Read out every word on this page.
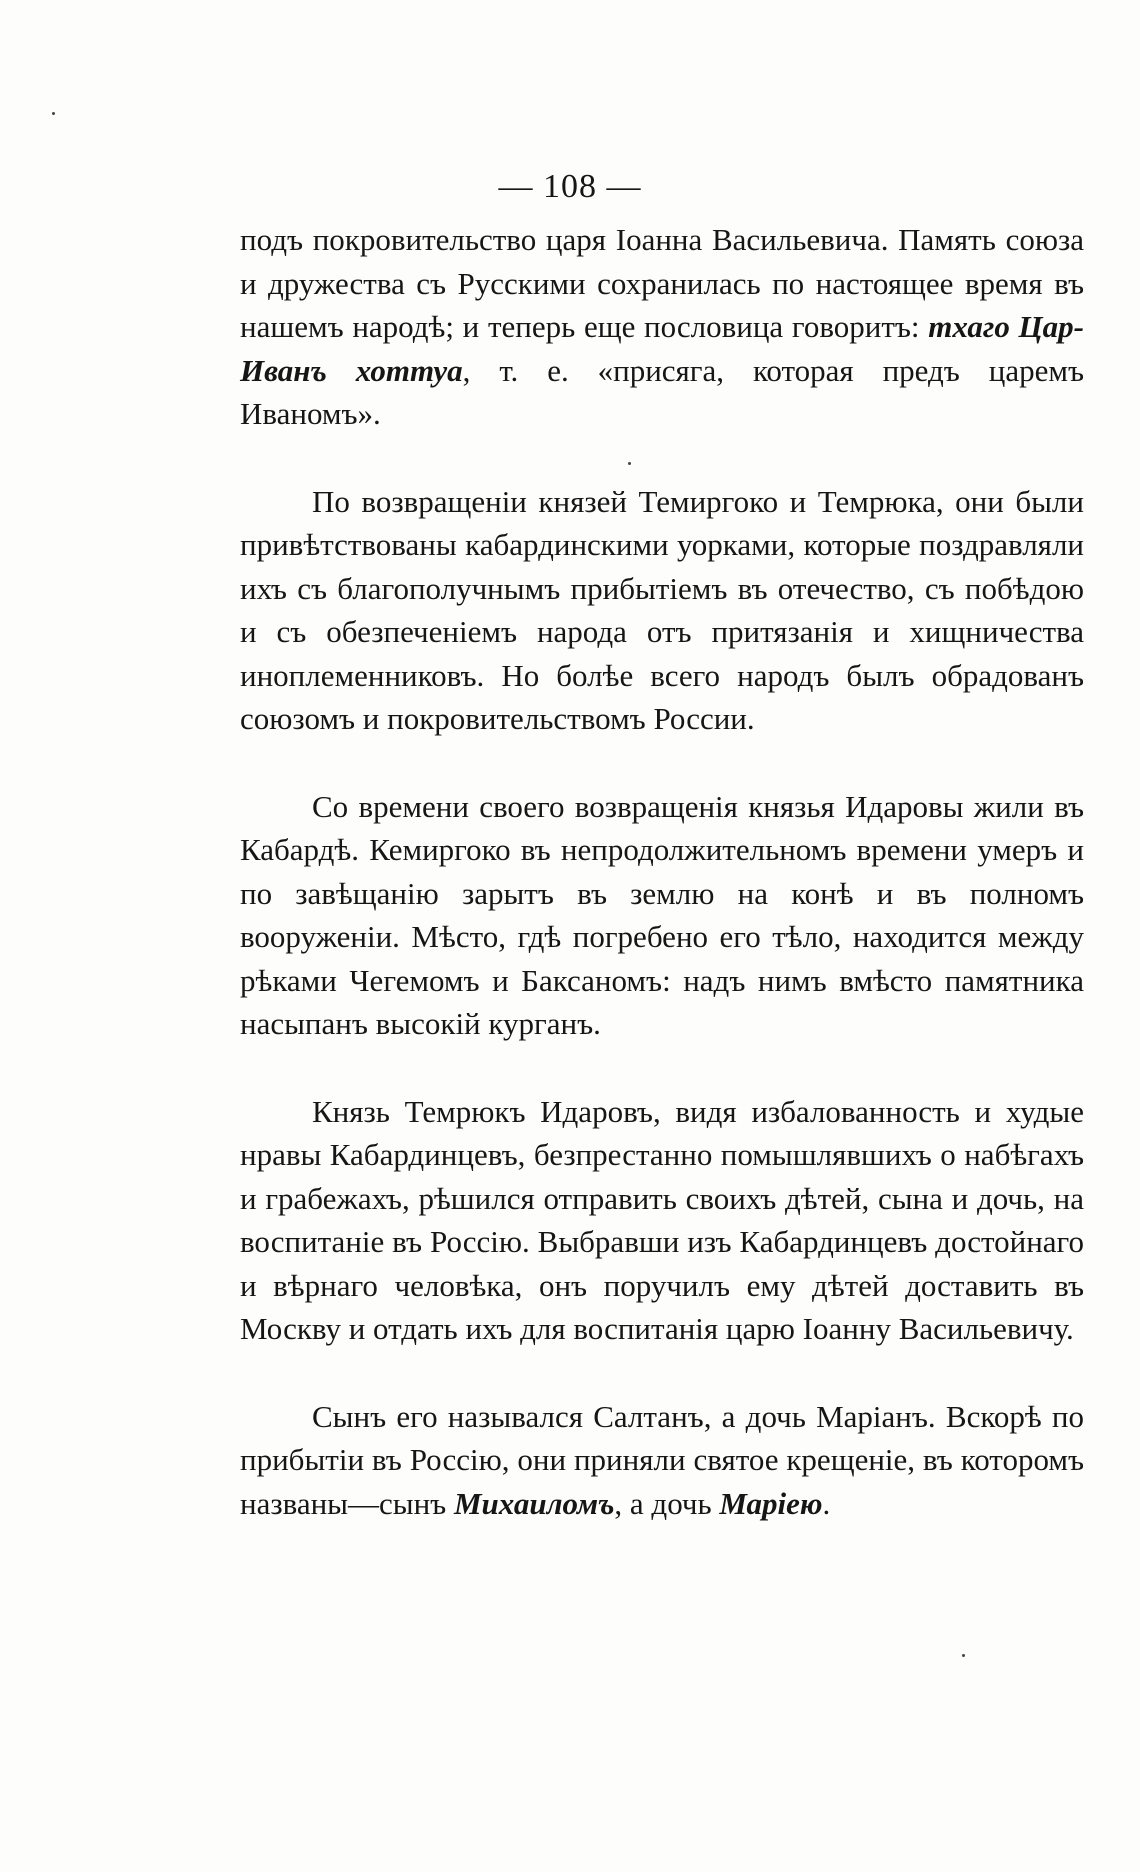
— 108 —

подъ покровительство царя Іоанна Васильевича. Память союза и дружества съ Русскими сохранилась по настоящее время въ нашемъ народѣ; и теперь еще пословица говоритъ: тхаго Цар-Иванъ хоттуа, т. е. «присяга, которая предъ царемъ Иваномъ».

По возвращеніи князей Темиргоко и Темрюка, они были привѣтствованы кабардинскими уорками, которые поздравляли ихъ съ благополучнымъ прибытіемъ въ отечество, съ побѣдою и съ обезпеченіемъ народа отъ притязанія и хищничества иноплеменниковъ. Но болѣе всего народъ былъ обрадованъ союзомъ и покровительствомъ России.

Со времени своего возвращенія князья Идаровы жили въ Кабардѣ. Кемиргоко въ непродолжительномъ времени умеръ и по завѣщанію зарытъ въ землю на конѣ и въ полномъ вооруженіи. Мѣсто, гдѣ погребено его тѣло, находится между рѣками Чегемомъ и Баксаномъ: надъ нимъ вмѣсто памятника насыпанъ высокій курганъ.

Князь Темрюкъ Идаровъ, видя избалованность и худые нравы Кабардинцевъ, безпрестанно помышлявшихъ о набѣгахъ и грабежахъ, рѣшился отправить своихъ дѣтей, сына и дочь, на воспитаніе въ Россію. Выбравши изъ Кабардинцевъ достойнаго и вѣрнаго человѣка, онъ поручилъ ему дѣтей доставить въ Москву и отдать ихъ для воспитанія царю Іоанну Васильевичу.

Сынъ его назывался Салтанъ, а дочь Маріанъ. Вскорѣ по прибытіи въ Россію, они приняли святое крещеніе, въ которомъ названы—сынъ Михаиломъ, а дочь Маріею.
